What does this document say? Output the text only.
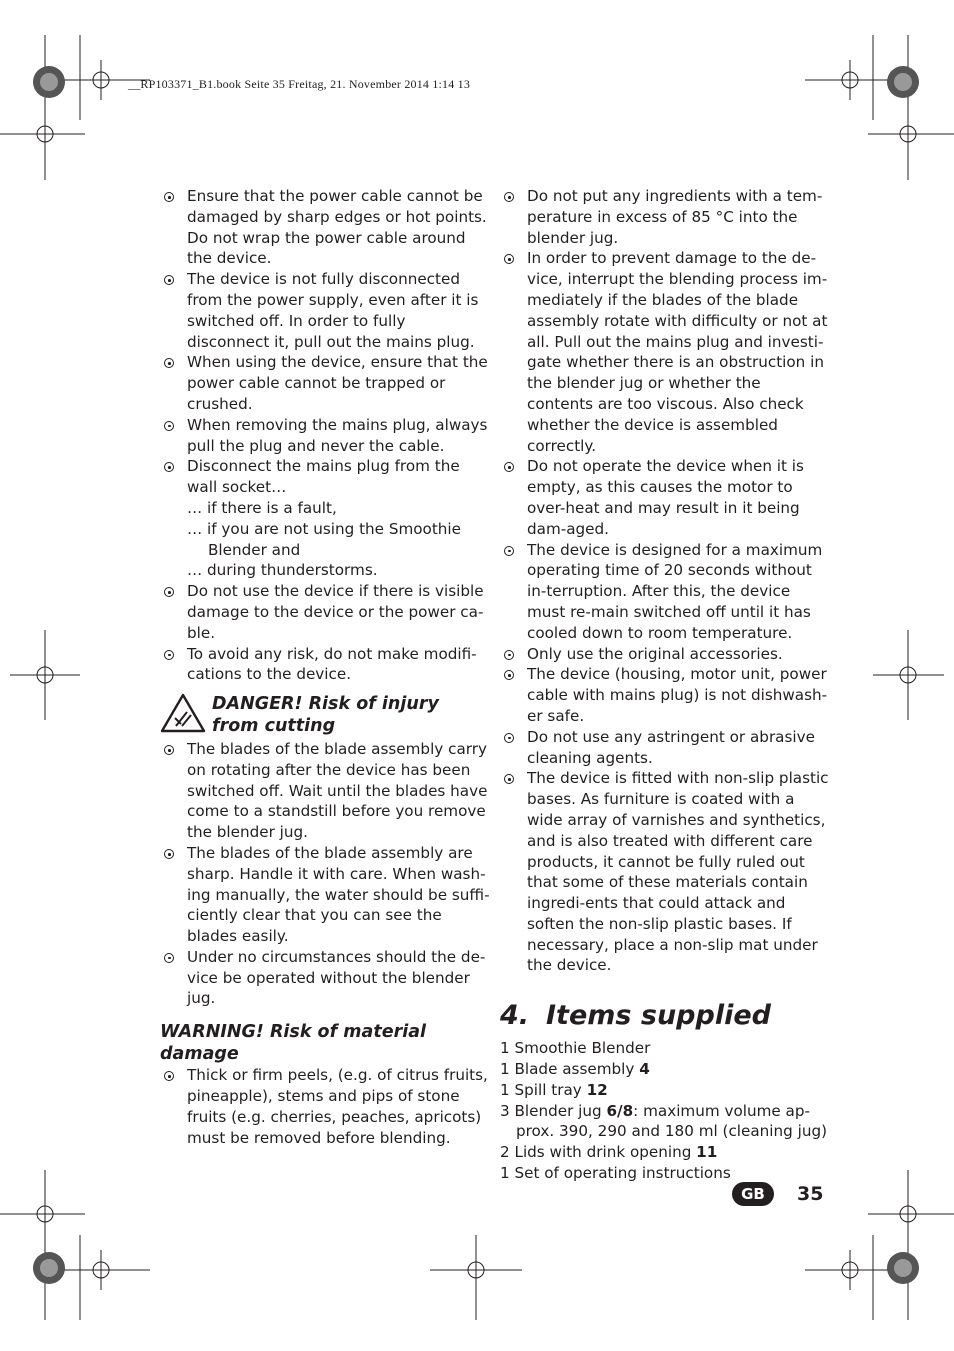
__RP103371_B1.book Seite 35 Freitag, 21. November 2014 1:14 13
Ensure that the power cable cannot be damaged by sharp edges or hot points. Do not wrap the power cable around the device.
The device is not fully disconnected from the power supply, even after it is switched off. In order to fully disconnect it, pull out the mains plug.
When using the device, ensure that the power cable cannot be trapped or crushed.
When removing the mains plug, always pull the plug and never the cable.
Disconnect the mains plug from the wall socket…
… if there is a fault,
… if you are not using the Smoothie Blender and
… during thunderstorms.
Do not use the device if there is visible damage to the device or the power ca-ble.
To avoid any risk, do not make modifi-cations to the device.
DANGER! Risk of injury from cutting
The blades of the blade assembly carry on rotating after the device has been switched off. Wait until the blades have come to a standstill before you remove the blender jug.
The blades of the blade assembly are sharp. Handle it with care. When wash-ing manually, the water should be suffi-ciently clear that you can see the blades easily.
Under no circumstances should the de-vice be operated without the blender jug.
WARNING! Risk of material damage
Thick or firm peels, (e.g. of citrus fruits, pineapple), stems and pips of stone fruits (e.g. cherries, peaches, apricots) must be removed before blending.
Do not put any ingredients with a tem-perature in excess of 85 °C into the blender jug.
In order to prevent damage to the de-vice, interrupt the blending process im-mediately if the blades of the blade assembly rotate with difficulty or not at all. Pull out the mains plug and investi-gate whether there is an obstruction in the blender jug or whether the contents are too viscous. Also check whether the device is assembled correctly.
Do not operate the device when it is empty, as this causes the motor to over-heat and may result in it being dam-aged.
The device is designed for a maximum operating time of 20 seconds without in-terruption. After this, the device must re-main switched off until it has cooled down to room temperature.
Only use the original accessories.
The device (housing, motor unit, power cable with mains plug) is not dishwash-er safe.
Do not use any astringent or abrasive cleaning agents.
The device is fitted with non-slip plastic bases. As furniture is coated with a wide array of varnishes and synthetics, and is also treated with different care products, it cannot be fully ruled out that some of these materials contain ingredi-ents that could attack and soften the non-slip plastic bases. If necessary, place a non-slip mat under the device.
4. Items supplied
1 Smoothie Blender
1 Blade assembly 4
1 Spill tray 12
3 Blender jug 6/8: maximum volume ap-prox. 390, 290 and 180 ml (cleaning jug)
2 Lids with drink opening 11
1 Set of operating instructions
GB	35
